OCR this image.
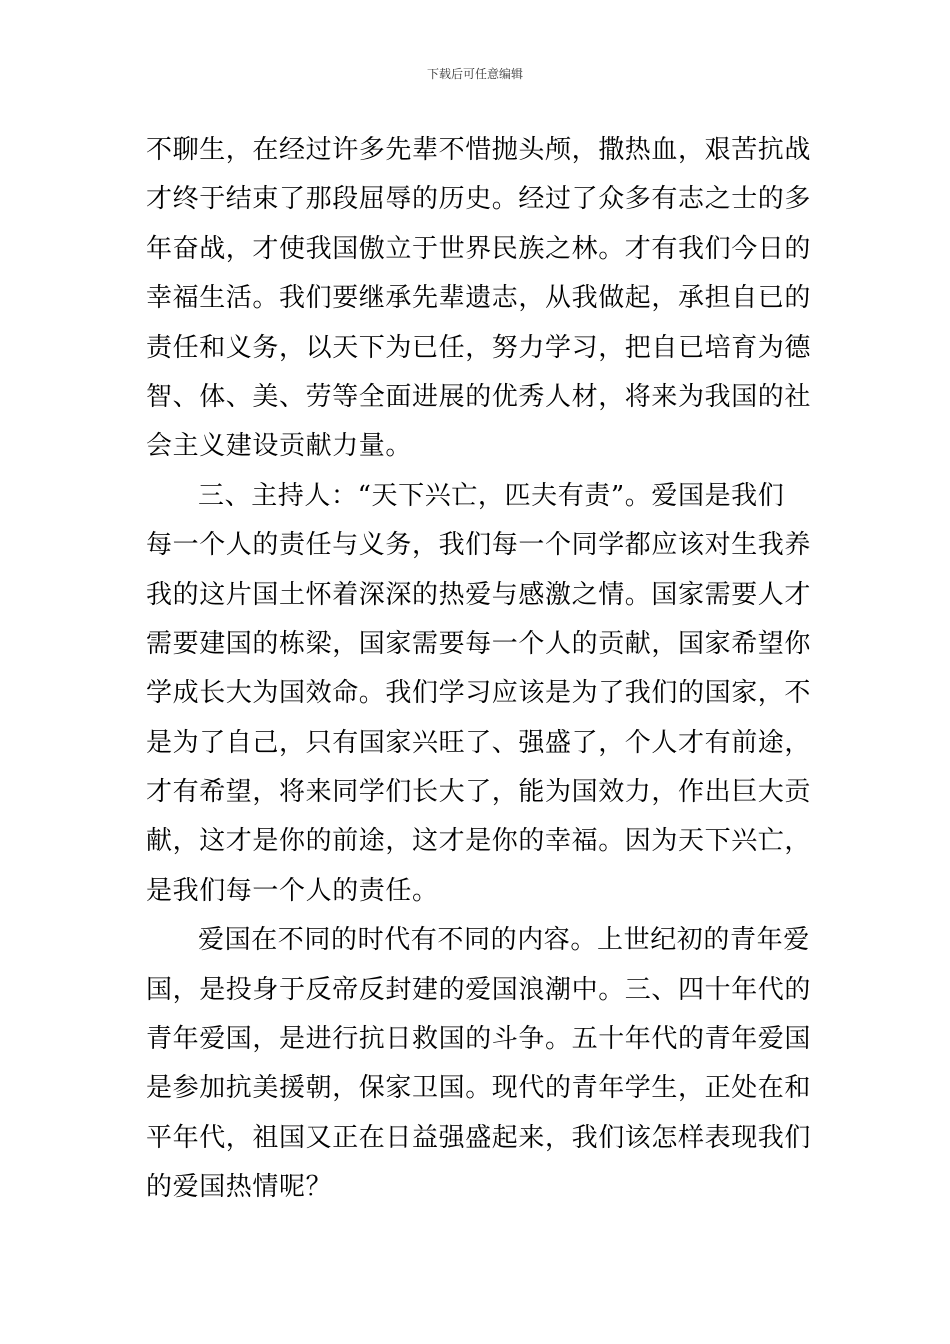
下载后可任意编辑
不聊生，在经过许多先辈不惜抛头颅，撒热血，艰苦抗战
才终于结束了那段屈辱的历史。经过了众多有志之士的多
年奋战，才使我国傲立于世界民族之林。才有我们今日的
幸福生活。我们要继承先辈遗志，从我做起，承担自已的
责任和义务，以天下为已任，努力学习，把自已培育为德
智、体、美、劳等全面进展的优秀人材，将来为我国的社
会主义建设贡献力量。
三、主持人：“天下兴亡，匹夫有责”。爱国是我们
每一个人的责任与义务，我们每一个同学都应该对生我养
我的这片国土怀着深深的热爱与感激之情。国家需要人才
需要建国的栋梁，国家需要每一个人的贡献，国家希望你
学成长大为国效命。我们学习应该是为了我们的国家，不
是为了自己，只有国家兴旺了、强盛了，个人才有前途，
才有希望，将来同学们长大了，能为国效力，作出巨大贡
献，这才是你的前途，这才是你的幸福。因为天下兴亡，
是我们每一个人的责任。
爱国在不同的时代有不同的内容。上世纪初的青年爱
国，是投身于反帝反封建的爱国浪潮中。三、四十年代的
青年爱国，是进行抗日救国的斗争。五十年代的青年爱国
是参加抗美援朝，保家卫国。现代的青年学生，正处在和
平年代，祖国又正在日益强盛起来，我们该怎样表现我们
的爱国热情呢？
